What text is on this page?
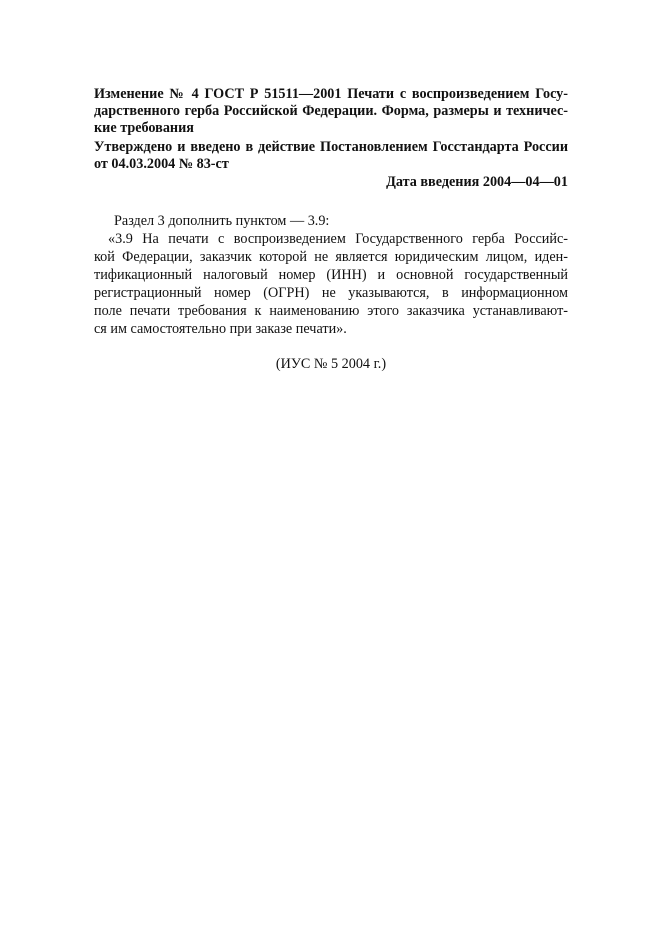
Изменение № 4 ГОСТ Р 51511—2001 Печати с воспроизведением Госу-
дарственного герба Российской Федерации. Форма, размеры и техничес-
кие требования
Утверждено и введено в действие Постановлением Госстандарта России
от 04.03.2004 № 83-ст
Дата введения 2004—04—01
Раздел 3 дополнить пунктом — 3.9:
«3.9 На печати с воспроизведением Государственного герба Российс-
кой Федерации, заказчик которой не является юридическим лицом, иден-
тификационный налоговый номер (ИНН) и основной государственный
регистрационный номер (ОГРН) не указываются, в информационном
поле печати требования к наименованию этого заказчика устанавливают-
ся им самостоятельно при заказе печати».
(ИУС № 5 2004 г.)
